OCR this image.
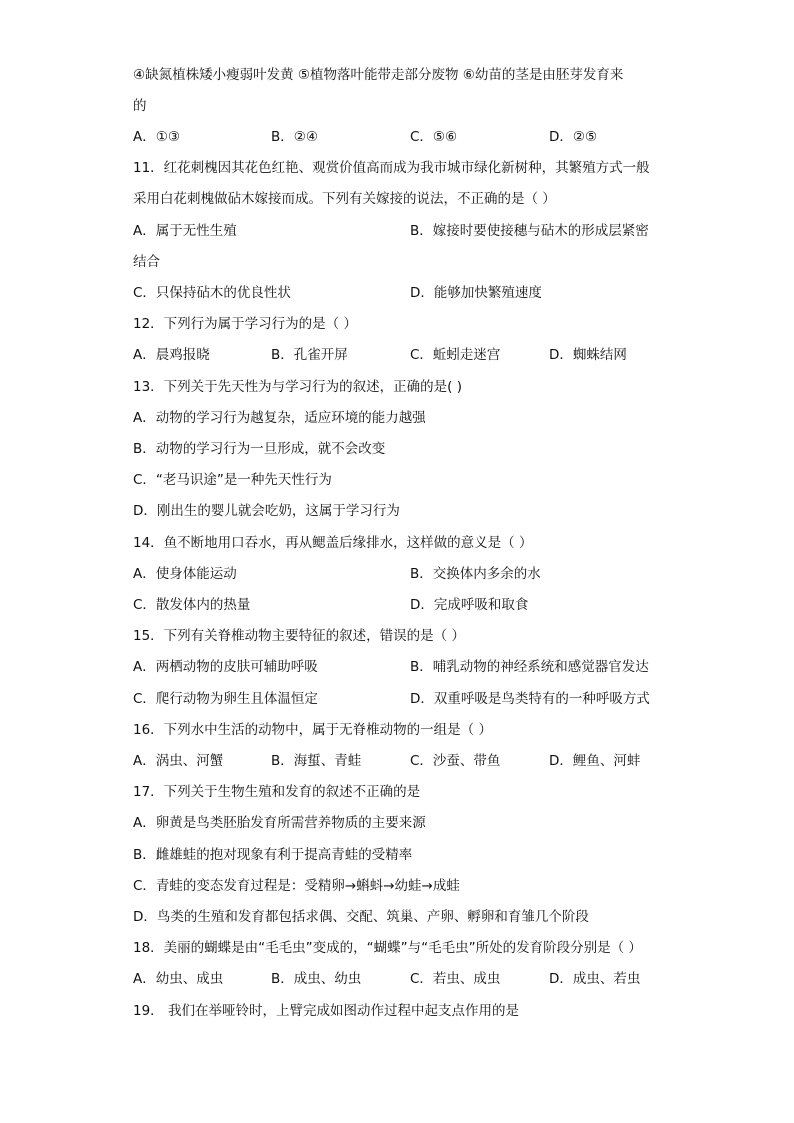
④缺氮植株矮小瘦弱叶发黄 ⑤植物落叶能带走部分废物 ⑥幼苗的茎是由胚芽发育来
的
A．①③	B．②④	C．⑤⑥	D．②⑤
11．红花刺槐因其花色红艳、观赏价值高而成为我市城市绿化新树种，其繁殖方式一般
采用白花刺槐做砧木嫁接而成。下列有关嫁接的说法，不正确的是（ ）
A．属于无性生殖	B．嫁接时要使接穗与砧木的形成层紧密
结合
C．只保持砧木的优良性状	D．能够加快繁殖速度
12．下列行为属于学习行为的是（ ）
A．晨鸡报晓	B．孔雀开屏	C．蚯蚓走迷宫	D．蜘蛛结网
13．下列关于先天性为与学习行为的叙述，正确的是( )
A．动物的学习行为越复杂，适应环境的能力越强
B．动物的学习行为一旦形成，就不会改变
C．“老马识途”是一种先天性行为
D．刚出生的婴儿就会吃奶，这属于学习行为
14．鱼不断地用口吞水，再从鳃盖后缘排水，这样做的意义是（ ）
A．使身体能运动	B．交换体内多余的水
C．散发体内的热量	D．完成呼吸和取食
15．下列有关脊椎动物主要特征的叙述，错误的是（ ）
A．两栖动物的皮肤可辅助呼吸	B．哺乳动物的神经系统和感觉器官发达
C．爬行动物为卵生且体温恒定	D．双重呼吸是鸟类特有的一种呼吸方式
16．下列水中生活的动物中，属于无脊椎动物的一组是（ ）
A．涡虫、河蟹	B．海蜇、青蛙	C．沙蚕、带鱼	D．鲤鱼、河蚌
17．下列关于生物生殖和发育的叙述不正确的是
A．卵黄是鸟类胚胎发育所需营养物质的主要来源
B．雌雄蛙的抱对现象有利于提高青蛙的受精率
C．青蛙的变态发育过程是：受精卵→蝌蚪→幼蛙→成蛙
D．鸟类的生殖和发育都包括求偶、交配、筑巢、产卵、孵卵和育雏几个阶段
18．美丽的蝴蝶是由“毛毛虫”变成的，“蝴蝶”与“毛毛虫”所处的发育阶段分别是（ ）
A．幼虫、成虫	B．成虫、幼虫	C．若虫、成虫	D．成虫、若虫
19． 我们在举哑铃时，上臂完成如图动作过程中起支点作用的是
